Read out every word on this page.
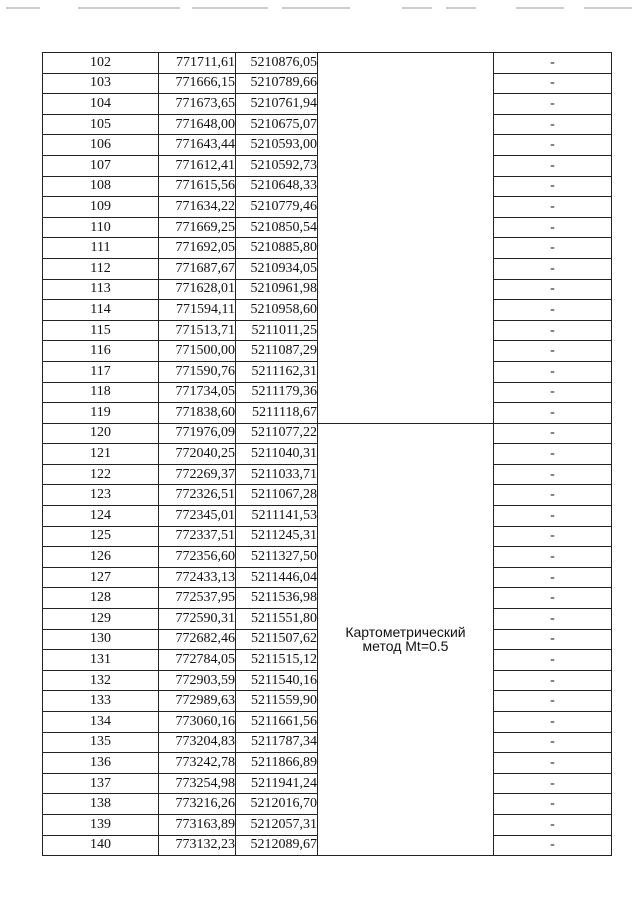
102	771711,61	5210876,05		-
103	771666,15	5210789,66		-
104	771673,65	5210761,94		-
105	771648,00	5210675,07		-
106	771643,44	5210593,00		-
107	771612,41	5210592,73		-
108	771615,56	5210648,33		-
109	771634,22	5210779,46		-
110	771669,25	5210850,54		-
111	771692,05	5210885,80		-
112	771687,67	5210934,05		-
113	771628,01	5210961,98		-
114	771594,11	5210958,60		-
115	771513,71	5211011,25		-
116	771500,00	5211087,29		-
117	771590,76	5211162,31		-
118	771734,05	5211179,36		-
119	771838,60	5211118,67		-
120	771976,09	5211077,22	Картометрический
метод Mt=0.5	-
121	772040,25	5211040,31		-
122	772269,37	5211033,71		-
123	772326,51	5211067,28		-
124	772345,01	5211141,53		-
125	772337,51	5211245,31		-
126	772356,60	5211327,50		-
127	772433,13	5211446,04		-
128	772537,95	5211536,98		-
129	772590,31	5211551,80		-
130	772682,46	5211507,62		-
131	772784,05	5211515,12		-
132	772903,59	5211540,16		-
133	772989,63	5211559,90		-
134	773060,16	5211661,56		-
135	773204,83	5211787,34		-
136	773242,78	5211866,89		-
137	773254,98	5211941,24		-
138	773216,26	5212016,70		-
139	773163,89	5212057,31		-
140	773132,23	5212089,67		-
